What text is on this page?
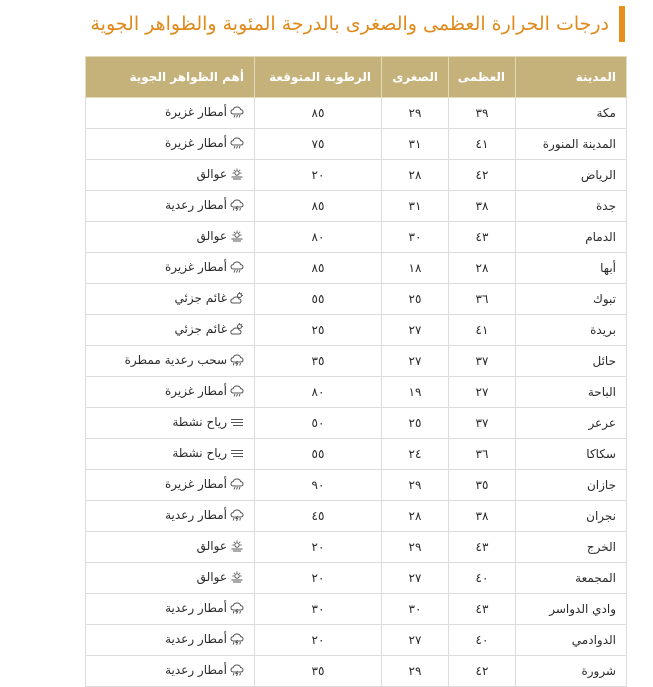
درجات الحرارة العظمى والصغرى بالدرجة المئوية والظواهر الجوية
المدينة	العظمى	الصغرى	الرطوبة المتوقعة	أهم الظواهر الجوية
مكة	٣٩	٢٩	٨٥	أمطار غزيرة

المدينة المنورة	٤١	٣١	٧٥	أمطار غزيرة

الرياض	٤٢	٢٨	٢٠	عوالق

جدة	٣٨	٣١	٨٥	أمطار رعدية

الدمام	٤٣	٣٠	٨٠	عوالق

أبها	٢٨	١٨	٨٥	أمطار غزيرة

تبوك	٣٦	٢٥	٥٥	غائم جزئي

بريدة	٤١	٢٧	٢٥	غائم جزئي

حائل	٣٧	٢٧	٣٥	سحب رعدية ممطرة

الباحة	٢٧	١٩	٨٠	أمطار غزيرة

عرعر	٣٧	٢٥	٥٠	رياح نشطة

سكاكا	٣٦	٢٤	٥٥	رياح نشطة

جازان	٣٥	٢٩	٩٠	أمطار غزيرة

نجران	٣٨	٢٨	٤٥	أمطار رعدية

الخرج	٤٣	٢٩	٢٠	عوالق

المجمعة	٤٠	٢٧	٢٠	عوالق

وادي الدواسر	٤٣	٣٠	٣٠	أمطار رعدية

الدوادمي	٤٠	٢٧	٢٠	أمطار رعدية

شرورة	٤٢	٢٩	٣٥	أمطار رعدية
